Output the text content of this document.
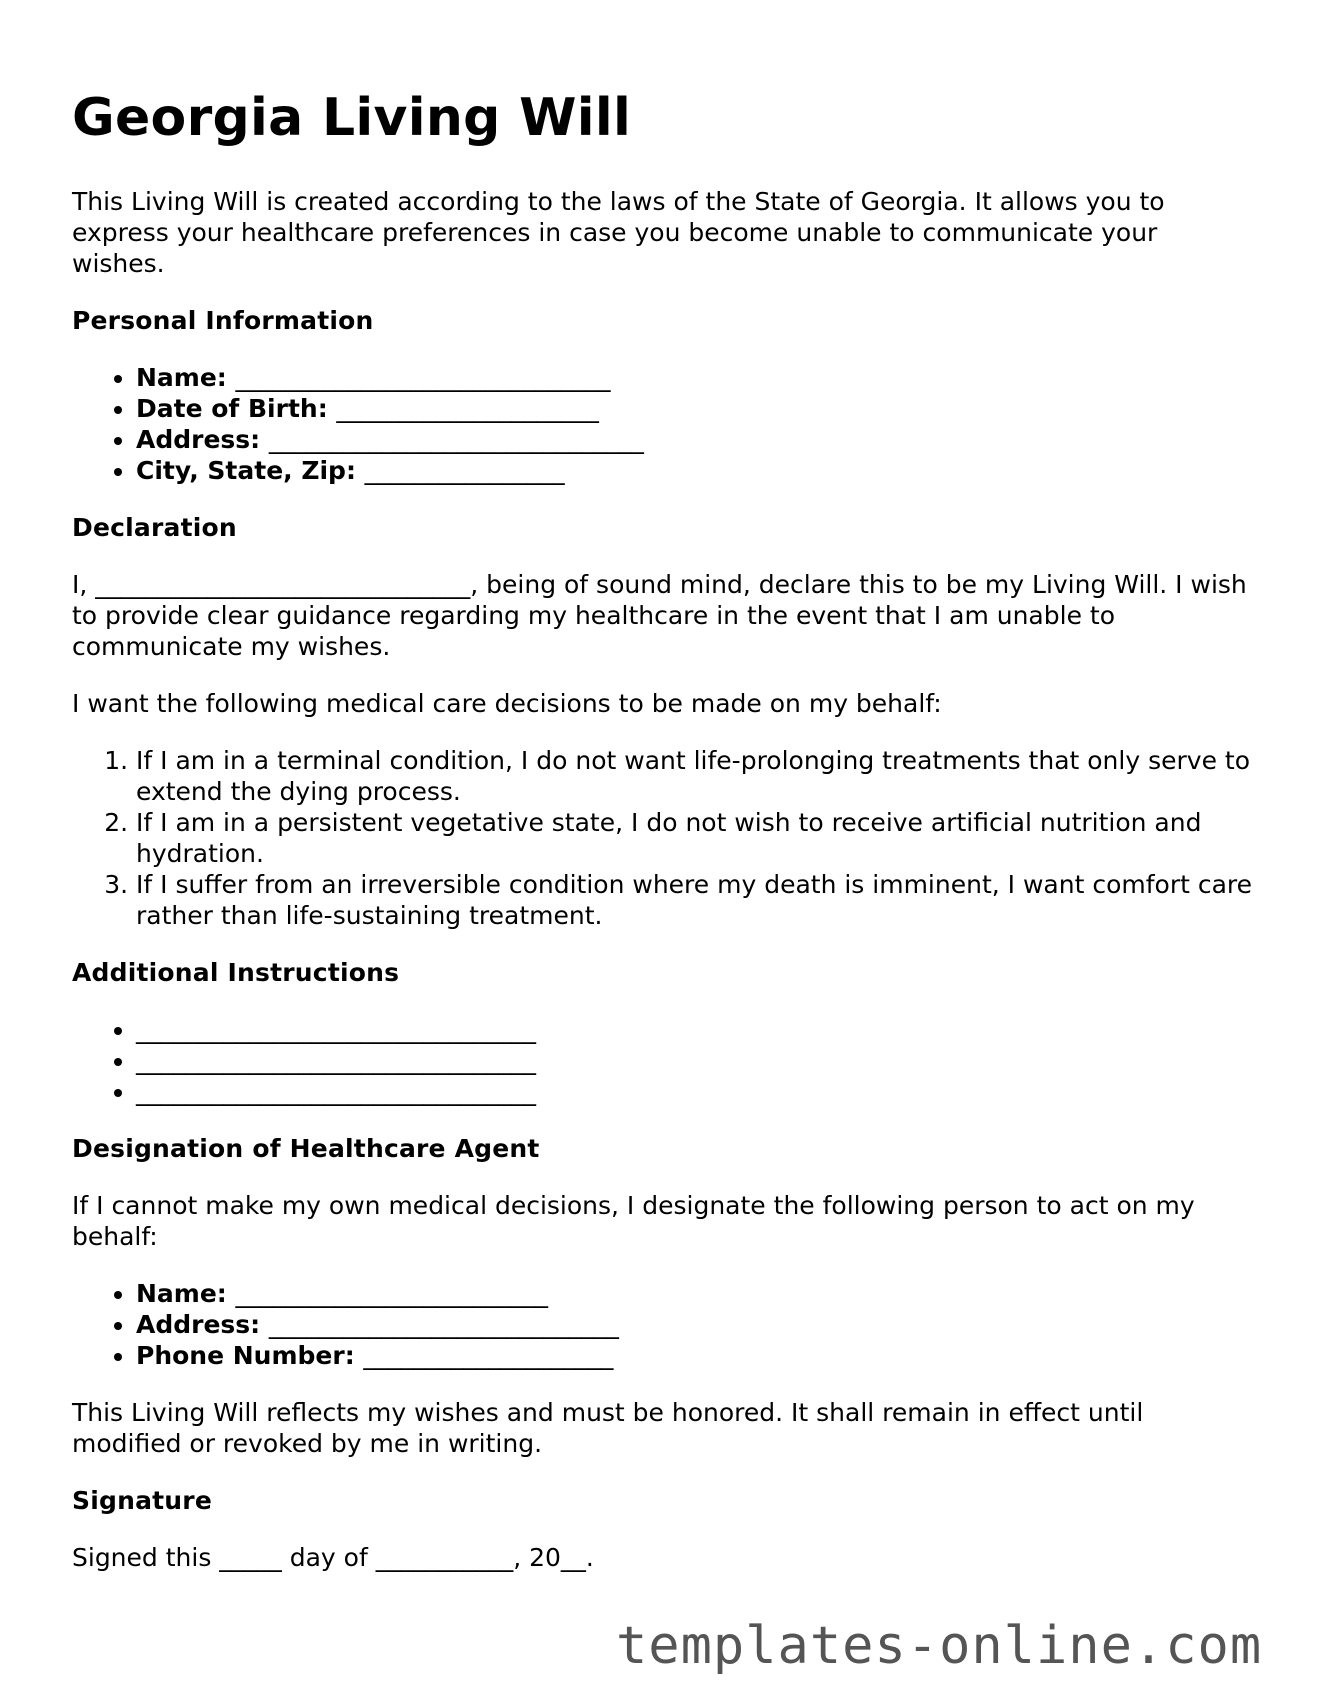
Georgia Living Will

This Living Will is created according to the laws of the State of Georgia. It allows you to express your healthcare preferences in case you become unable to communicate your wishes.

Personal Information
• Name: ______________________________
• Date of Birth: _____________________
• Address: ______________________________
• City, State, Zip: ________________
Declaration

I, ______________________________, being of sound mind, declare this to be my Living Will. I wish to provide clear guidance regarding my healthcare in the event that I am unable to communicate my wishes.

I want the following medical care decisions to be made on my behalf:

1. If I am in a terminal condition, I do not want life-prolonging treatments that only serve to extend the dying process.
2. If I am in a persistent vegetative state, I do not wish to receive artificial nutrition and hydration.
3. If I suffer from an irreversible condition where my death is imminent, I want comfort care rather than life-sustaining treatment.
Additional Instructions
• ________________________________
• ________________________________
• ________________________________
Designation of Healthcare Agent

If I cannot make my own medical decisions, I designate the following person to act on my behalf:

• Name: _________________________
• Address: ____________________________
• Phone Number: ____________________

This Living Will reflects my wishes and must be honored. It shall remain in effect until modified or revoked by me in writing.

Signature

Signed this _____ day of ___________, 20__.

templates-online.com
